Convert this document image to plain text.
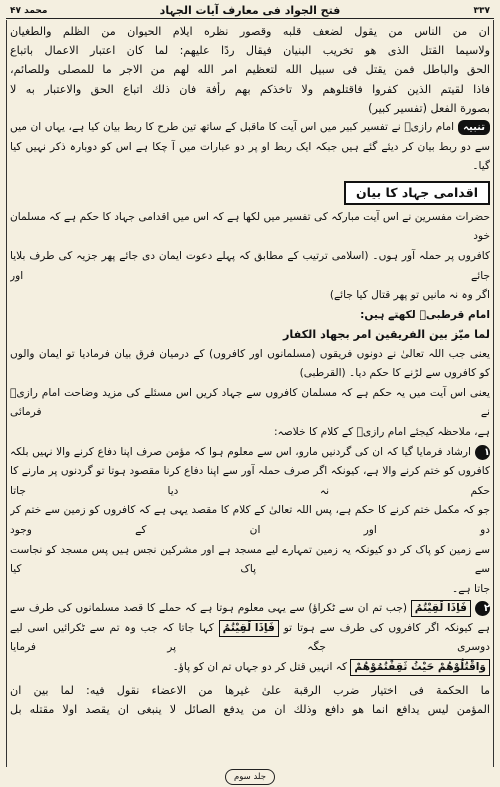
۳۳۷
فتح الجواد فی معارف آیات الجہاد
محمد ۴۷

ان من الناس من يقول لضعف قلبه وقصور نظره ايلام الحيوان من الظلم والطغيان

ولاسيما القتل الذى هو تخريب البنيان فيقال ردًا عليهم: لما كان اعتبار الاعمال باتباع

الحق والباطل فمن يقتل فى سبيل الله لتعظيم امر الله لهم من الاجر ما للمصلى وللصائم،

فاذا لقيتم الذين كفروا فاقتلوهم ولا تاخذكم بهم رأفة فان ذلك اتباع الحق والاعتبار به لا

بصورة الفعل (تفسير كبير)

تنبیہامام رازیؒ نے تفسیر کبیر میں اس آیت کا ماقبل کے ساتھ تین طرح کا ربط بیان کیا ہے، یہاں ان میں

سے دو ربط بیان کر دیئے گئے ہیں جبکہ ایک ربط او پر دو عبارات میں آ چکا ہے اس کو دوبارہ ذکر نہیں کیا گیا۔

اقدامی جہاد کا بیان

حضرات مفسرین نے اس آیت مبارکہ کی تفسیر میں لکھا ہے کہ اس میں اقدامی جہاد کا حکم ہے کہ مسلمان خود

کافروں پر حملہ آور ہوں۔ (اسلامی ترتیب کے مطابق کہ پہلے دعوت ایمان دی جائے پھر جزیہ کی طرف بلایا جائے اور

اگر وہ نہ مانیں تو پھر قتال کیا جائے)

امام قرطبیؒ لکھتے ہیں:

لما ميّز بين الفريقين امر بجهاد الكفار

یعنی جب اللہ تعالیٰ نے دونوں فریقوں (مسلمانوں اور کافروں) کے درمیان فرق بیان فرمادیا تو ایمان والوں

کو کافروں سے لڑنے کا حکم دیا۔ (القرطبی)

یعنی اس آیت میں یہ حکم ہے کہ مسلمان کافروں سے جہاد کریں اس مسئلے کی مزید وضاحت امام رازیؒ نے فرمائی

ہے، ملاحظہ کیجئے امام رازیؒ کے کلام کا خلاصہ:

۱ارشاد فرمایا گیا کہ ان کی گردنیں مارو، اس سے معلوم ہوا کہ مؤمن صرف اپنا دفاع کرنے والا نہیں بلکہ

کافروں کو ختم کرنے والا ہے، کیونکہ اگر صرف حملہ آور سے اپنا دفاع کرنا مقصود ہوتا تو گردنوں پر مارنے کا حکم نہ دیا جاتا

جو کہ مکمل ختم کرنے کا حکم ہے، پس اللہ تعالیٰ کے کلام کا مقصد یہی ہے کہ کافروں کو زمین سے ختم کر دو اور ان کے وجود

سے زمین کو پاک کر دو کیونکہ یہ زمین تمہارے لیے مسجد ہے اور مشرکین نجس ہیں پس مسجد کو نجاست سے پاک کیا

جاتا ہے۔

۲فَاِذَا لَقِيْتُمُ (جب تم ان سے ٹکراؤ) سے یہی معلوم ہوتا ہے کہ حملے کا قصد مسلمانوں کی طرف سے

ہے کیونکہ اگر کافروں کی طرف سے ہوتا تو فَاِذَا لَقِيْتُمُ کہا جاتا کہ جب وہ تم سے ٹکرائیں اسی لیے دوسری جگہ پر فرمایا

وَاقْتُلُوْهُمْ حَيْثُ ثَقِفْتُمُوْهُمْ کہ انہیں قتل کر دو جہاں تم ان کو پاؤ۔

ما الحكمة فى اختيار ضرب الرقبة علىٰ غيرها من الاعضاء نقول فيه: لما بين ان

المؤمن ليس يدافع انما هو دافع وذلك ان من يدفع الصائل لا ينبغى ان يقصد اولا مقتله بل

جلد سوم
